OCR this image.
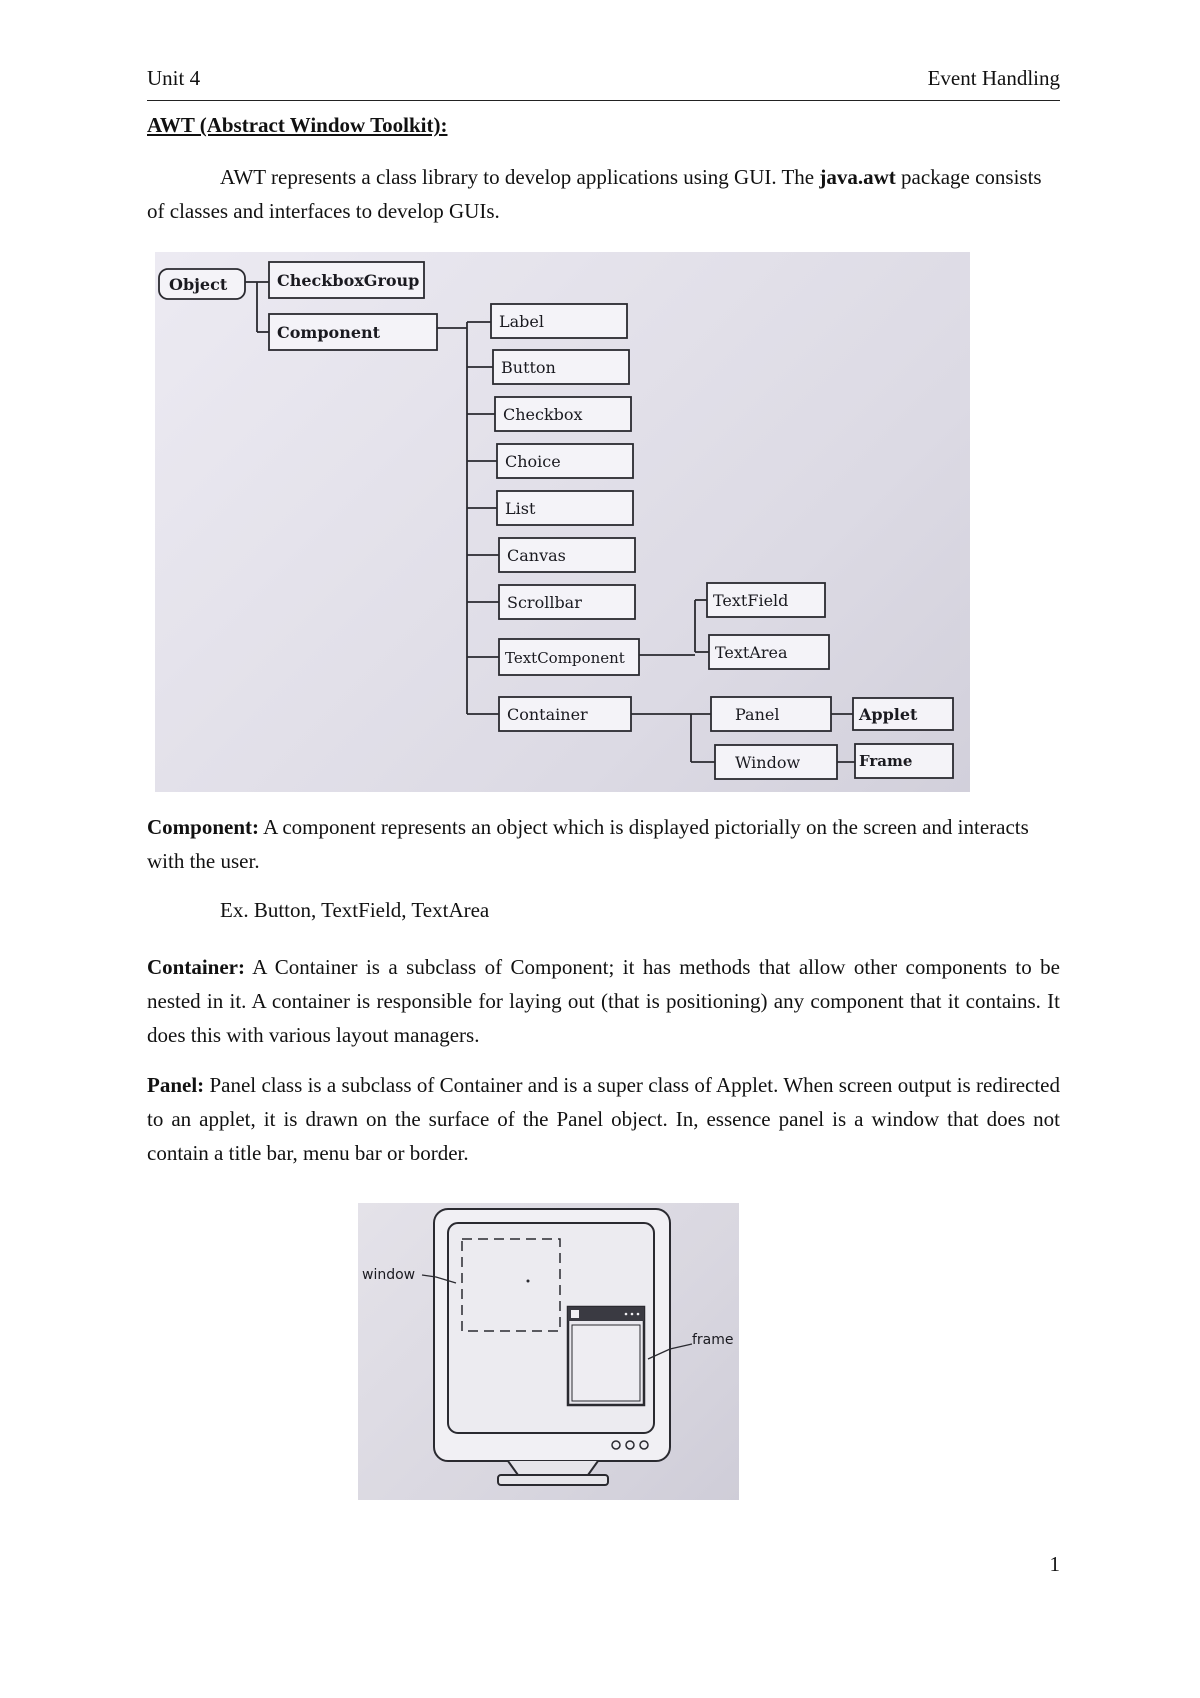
Unit 4	Event Handling
AWT (Abstract Window Toolkit):

AWT represents a class library to develop applications using GUI. The java.awt package consists of classes and interfaces to develop GUIs.

Object	CheckboxGroup
Component
Label
Button
Checkbox
Choice
List
Canvas
Scrollbar
TextComponent
Container
TextField
TextArea
Panel
Window
Applet
Frame

Component: A component represents an object which is displayed pictorially on the screen and interacts with the user.

Ex. Button, TextField, TextArea

Container: A Container is a subclass of Component; it has methods that allow other components to be nested in it. A container is responsible for laying out (that is positioning) any component that it contains. It does this with various layout managers.

Panel: Panel class is a subclass of Container and is a super class of Applet. When screen output is redirected to an applet, it is drawn on the surface of the Panel object. In, essence panel is a window that does not contain a title bar, menu bar or border.

window
frame
1
